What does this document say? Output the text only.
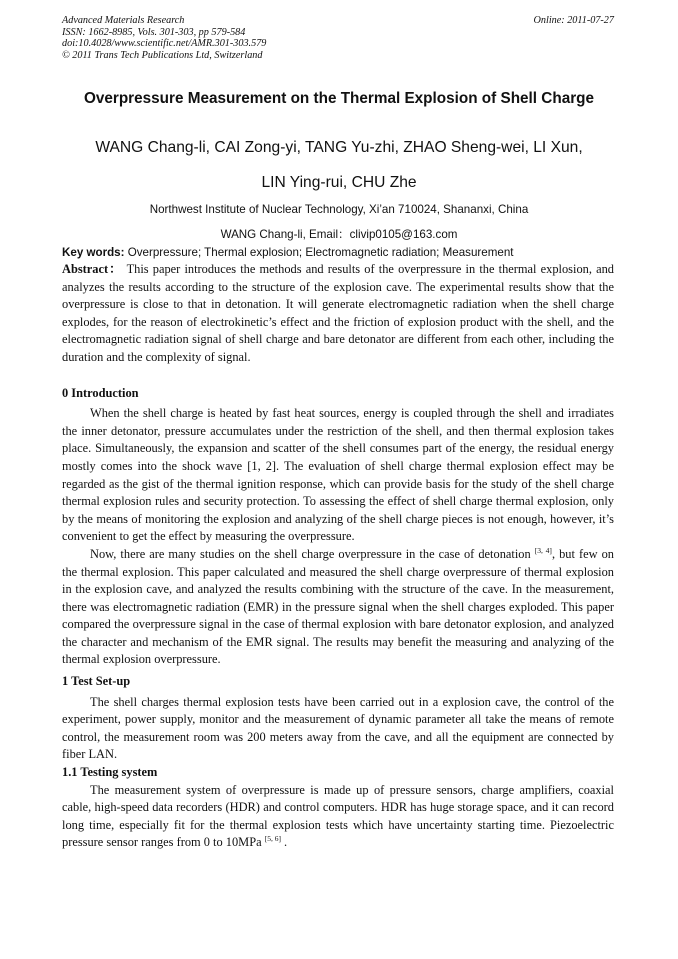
Advanced Materials Research
ISSN: 1662-8985, Vols. 301-303, pp 579-584
doi:10.4028/www.scientific.net/AMR.301-303.579
© 2011 Trans Tech Publications Ltd, Switzerland
Online: 2011-07-27
Overpressure Measurement on the Thermal Explosion of Shell Charge
WANG Chang-li, CAI Zong-yi, TANG Yu-zhi, ZHAO Sheng-wei, LI Xun,
LIN Ying-rui, CHU Zhe
Northwest Institute of Nuclear Technology, Xi’an 710024, Shananxi, China
WANG Chang-li, Email：clivip0105@163.com
Key words: Overpressure; Thermal explosion; Electromagnetic radiation; Measurement

Abstract： This paper introduces the methods and results of the overpressure in the thermal explosion, and analyzes the results according to the structure of the explosion cave. The experimental results show that the overpressure is close to that in detonation. It will generate electromagnetic radiation when the shell charge explodes, for the reason of electrokinetic’s effect and the friction of explosion product with the shell, and the electromagnetic radiation signal of shell charge and bare detonator are different from each other, including the duration and the complexity of signal.

0 Introduction

When the shell charge is heated by fast heat sources, energy is coupled through the shell and irradiates the inner detonator, pressure accumulates under the restriction of the shell, and then thermal explosion takes place. Simultaneously, the expansion and scatter of the shell consumes part of the energy, the residual energy mostly comes into the shock wave [1, 2]. The evaluation of shell charge thermal explosion effect may be regarded as the gist of the thermal ignition response, which can provide basis for the study of the shell charge thermal explosion rules and security protection. To assessing the effect of shell charge thermal explosion, only by the means of monitoring the explosion and analyzing of the shell charge pieces is not enough, however, it’s convenient to get the effect by measuring the overpressure.

Now, there are many studies on the shell charge overpressure in the case of detonation [3, 4], but few on the thermal explosion. This paper calculated and measured the shell charge overpressure of thermal explosion in the explosion cave, and analyzed the results combining with the structure of the cave. In the measurement, there was electromagnetic radiation (EMR) in the pressure signal when the shell charges exploded. This paper compared the overpressure signal in the case of thermal explosion with bare detonator explosion, and analyzed the character and mechanism of the EMR signal. The results may benefit the measuring and analyzing of the thermal explosion overpressure.

1 Test Set-up

The shell charges thermal explosion tests have been carried out in a explosion cave, the control of the experiment, power supply, monitor and the measurement of dynamic parameter all take the means of remote control, the measurement room was 200 meters away from the cave, and all the equipment are connected by fiber LAN.

1.1 Testing system

The measurement system of overpressure is made up of pressure sensors, charge amplifiers, coaxial cable, high-speed data recorders (HDR) and control computers. HDR has huge storage space, and it can record long time, especially fit for the thermal explosion tests which have uncertainty starting time. Piezoelectric pressure sensor ranges from 0 to 10MPa [5, 6] .
